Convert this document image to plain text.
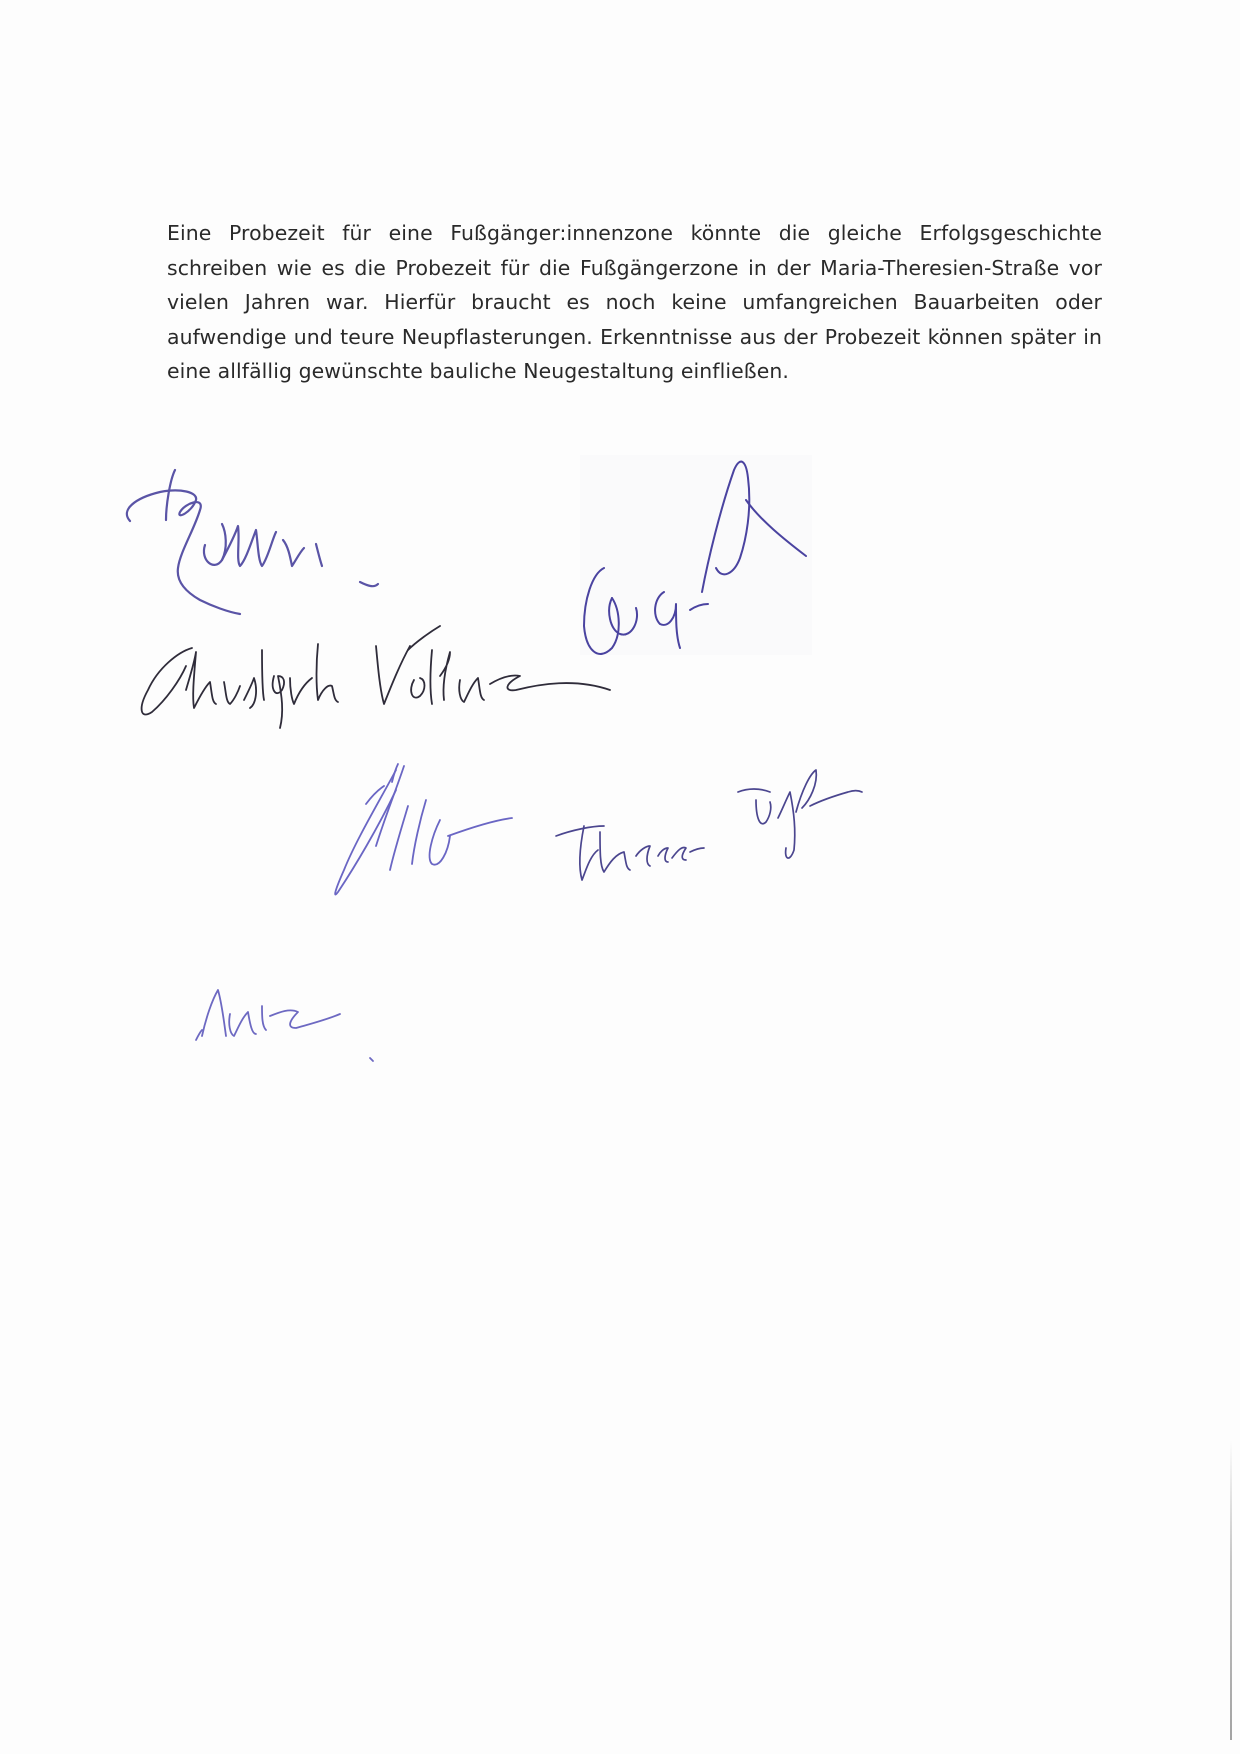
Eine Probezeit für eine Fußgänger:innenzone könnte die gleiche Erfolgsgeschichte schreiben wie es die Probezeit für die Fußgängerzone in der Maria-Theresien-Straße vor vielen Jahren war. Hierfür braucht es noch keine umfangreichen Bauarbeiten oder aufwendige und teure Neupflasterungen. Erkenntnisse aus der Probezeit können später in eine allfällig gewünschte bauliche Neugestaltung einfließen.
